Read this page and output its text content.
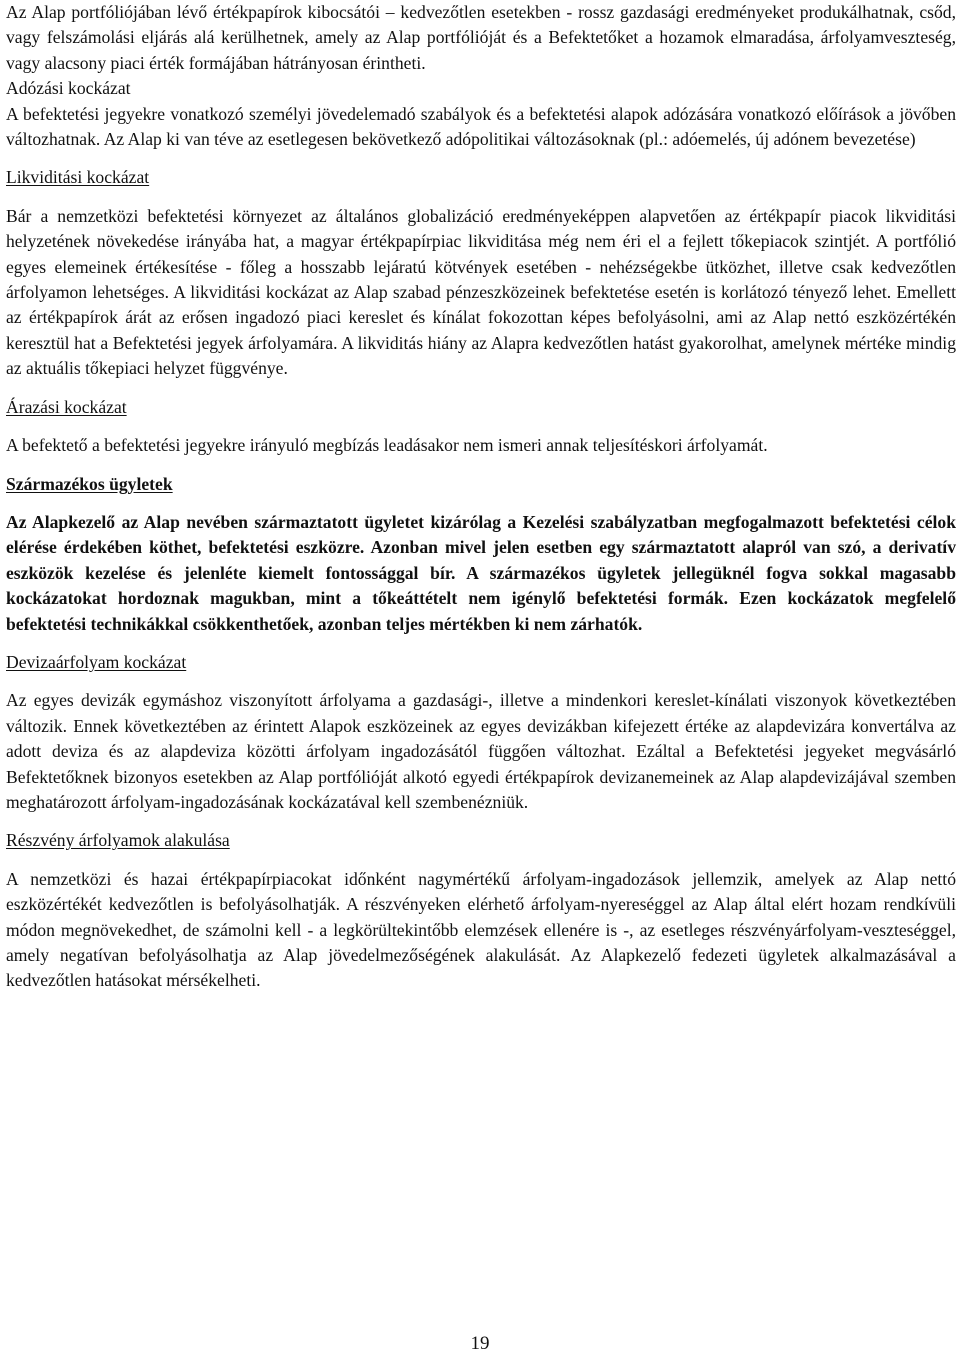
Az Alap portfóliójában lévő értékpapírok kibocsátói – kedvezőtlen esetekben - rossz gazdasági eredményeket produkálhatnak, csőd, vagy felszámolási eljárás alá kerülhetnek, amely az Alap portfólióját és a Befektetőket a hozamok elmaradása, árfolyamveszteség, vagy alacsony piaci érték formájában hátrányosan érintheti.

Adózási kockázat

A befektetési jegyekre vonatkozó személyi jövedelemadó szabályok és a befektetési alapok adózására vonatkozó előírások a jövőben változhatnak. Az Alap ki van téve az esetlegesen bekövetkező adópolitikai változásoknak (pl.: adóemelés, új adónem bevezetése)

Likviditási kockázat

Bár a nemzetközi befektetési környezet az általános globalizáció eredményeképpen alapvetően az értékpapír piacok likviditási helyzetének növekedése irányába hat, a magyar értékpapírpiac likviditása még nem éri el a fejlett tőkepiacok szintjét. A portfólió egyes elemeinek értékesítése - főleg a hosszabb lejáratú kötvények esetében - nehézségekbe ütközhet, illetve csak kedvezőtlen árfolyamon lehetséges. A likviditási kockázat az Alap szabad pénzeszközeinek befektetése esetén is korlátozó tényező lehet. Emellett az értékpapírok árát az erősen ingadozó piaci kereslet és kínálat fokozottan képes befolyásolni, ami az Alap nettó eszközértékén keresztül hat a Befektetési jegyek árfolyamára. A likviditás hiány az Alapra kedvezőtlen hatást gyakorolhat, amelynek mértéke mindig az aktuális tőkepiaci helyzet függvénye.

Árazási kockázat

A befektető a befektetési jegyekre irányuló megbízás leadásakor nem ismeri annak teljesítéskori árfolyamát.

Származékos ügyletek

Az Alapkezelő az Alap nevében származtatott ügyletet kizárólag a Kezelési szabályzatban megfogalmazott befektetési célok elérése érdekében köthet, befektetési eszközre. Azonban mivel jelen esetben egy származtatott alapról van szó, a derivatív eszközök kezelése és jelenléte kiemelt fontossággal bír. A származékos ügyletek jellegüknél fogva sokkal magasabb kockázatokat hordoznak magukban, mint a tőkeáttételt nem igénylő befektetési formák. Ezen kockázatok megfelelő befektetési technikákkal csökkenthetőek, azonban teljes mértékben ki nem zárhatók.

Devizaárfolyam kockázat

Az egyes devizák egymáshoz viszonyított árfolyama a gazdasági-, illetve a mindenkori kereslet-kínálati viszonyok következtében változik. Ennek következtében az érintett Alapok eszközeinek az egyes devizákban kifejezett értéke az alapdevizára konvertálva az adott deviza és az alapdeviza közötti árfolyam ingadozásától függően változhat. Ezáltal a Befektetési jegyeket megvásárló Befektetőknek bizonyos esetekben az Alap portfólióját alkotó egyedi értékpapírok devizanemeinek az Alap alapdevizájával szemben meghatározott árfolyam-ingadozásának kockázatával kell szembenézniük.

Részvény árfolyamok alakulása

A nemzetközi és hazai értékpapírpiacokat időnként nagymértékű árfolyam-ingadozások jellemzik, amelyek az Alap nettó eszközértékét kedvezőtlen is befolyásolhatják. A részvényeken elérhető árfolyam-nyereséggel az Alap által elért hozam rendkívüli módon megnövekedhet, de számolni kell - a legkörültekintőbb elemzések ellenére is -, az esetleges részvényárfolyam-veszteséggel, amely negatívan befolyásolhatja az Alap jövedelmezőségének alakulását. Az Alapkezelő fedezeti ügyletek alkalmazásával a kedvezőtlen hatásokat mérsékelheti.

19
